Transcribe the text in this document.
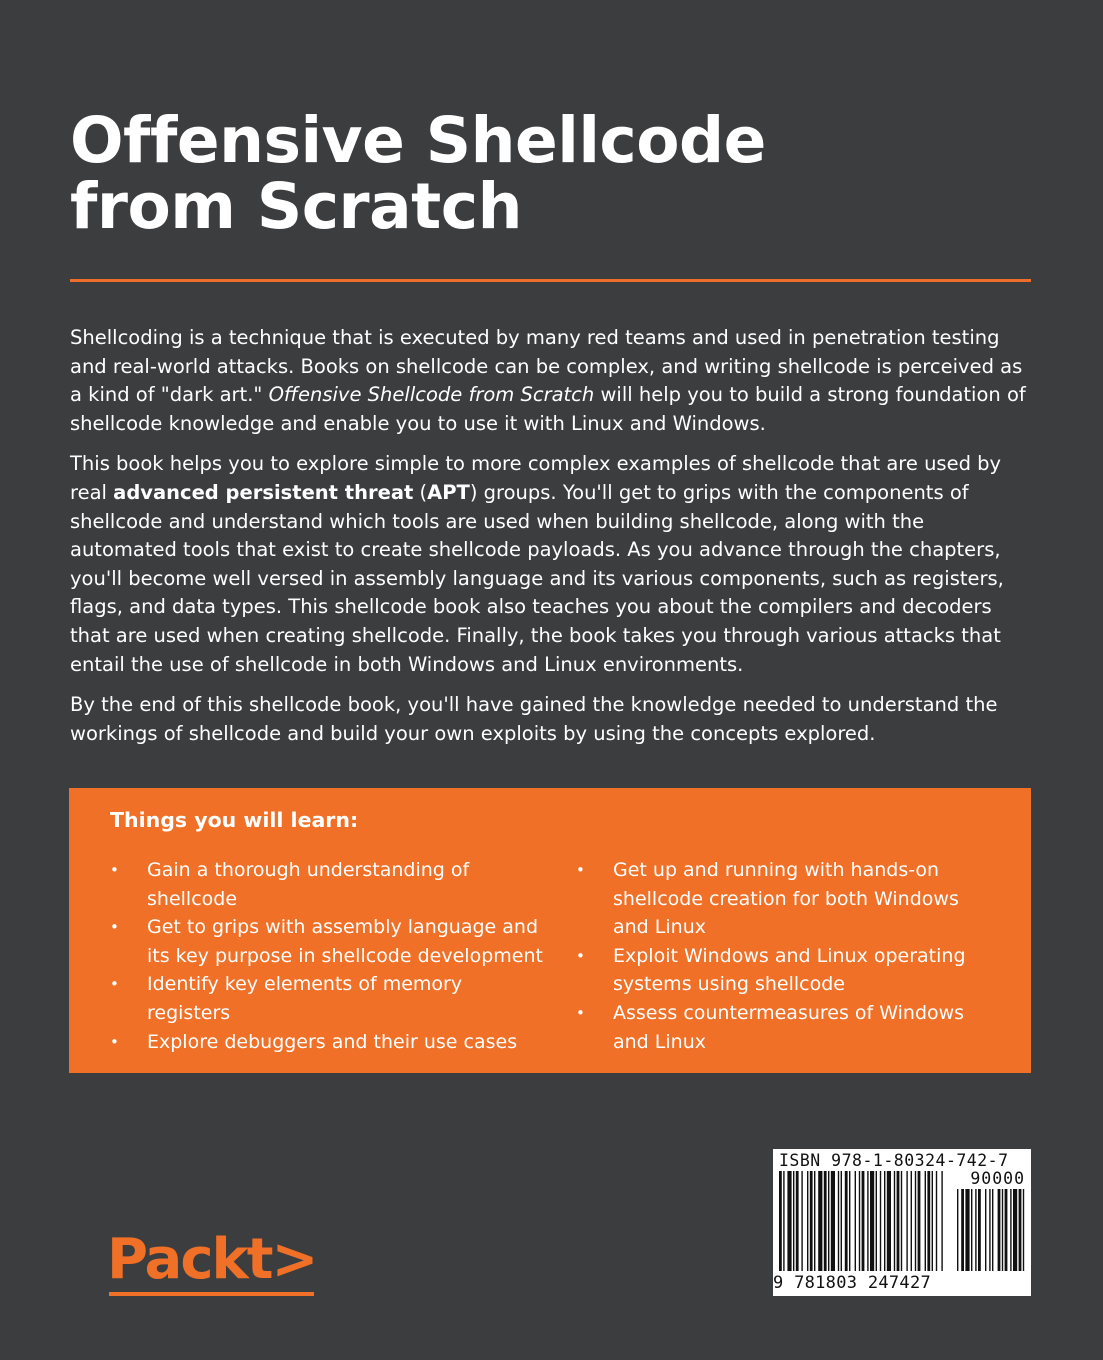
Offensive Shellcode
from Scratch

Shellcoding is a technique that is executed by many red teams and used in penetration testing and real-world attacks. Books on shellcode can be complex, and writing shellcode is perceived as a kind of "dark art." Offensive Shellcode from Scratch will help you to build a strong foundation of shellcode knowledge and enable you to use it with Linux and Windows.

This book helps you to explore simple to more complex examples of shellcode that are used by real advanced persistent threat (APT) groups. You'll get to grips with the components of shellcode and understand which tools are used when building shellcode, along with the automated tools that exist to create shellcode payloads. As you advance through the chapters, you'll become well versed in assembly language and its various components, such as registers, flags, and data types. This shellcode book also teaches you about the compilers and decoders that are used when creating shellcode. Finally, the book takes you through various attacks that entail the use of shellcode in both Windows and Linux environments.

By the end of this shellcode book, you'll have gained the knowledge needed to understand the workings of shellcode and build your own exploits by using the concepts explored.

Things you will learn:
• Gain a thorough understanding of shellcode
• Get to grips with assembly language and its key purpose in shellcode development
• Identify key elements of memory registers
• Explore debuggers and their use cases
• Get up and running with hands-on shellcode creation for both Windows and Linux
• Exploit Windows and Linux operating systems using shellcode
• Assess countermeasures of Windows and Linux
ISBN 978-1-80324-742-7
90000
9 781803 247427
Packt>
